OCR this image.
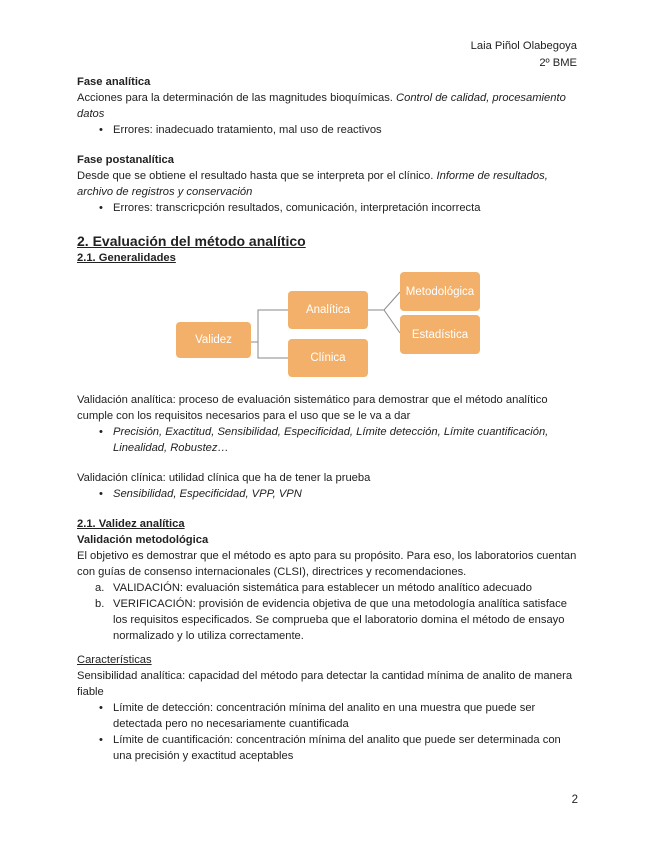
Laia Piñol Olabegoya
2º BME

Fase analítica

Acciones para la determinación de las magnitudes bioquímicas. Control de calidad, procesamiento datos

• Errores: inadecuado tratamiento, mal uso de reactivos

Fase postanalítica

Desde que se obtiene el resultado hasta que se interpreta por el clínico. Informe de resultados, archivo de registros y conservación

• Errores: transcricpción resultados, comunicación, interpretación incorrecta
2. Evaluación del método analítico
2.1. Generalidades
Validez
Analítica
Clínica
Metodológica
Estadística

Validación analítica: proceso de evaluación sistemático para demostrar que el método analítico cumple con los requisitos necesarios para el uso que se le va a dar

• Precisión, Exactitud, Sensibilidad, Especificidad, Límite detección, Límite cuantificación, Linealidad, Robustez…

Validación clínica: utilidad clínica que ha de tener la prueba

• Sensibilidad, Especificidad, VPP, VPN
2.1. Validez analítica

Validación metodológica

El objetivo es demostrar que el método es apto para su propósito. Para eso, los laboratorios cuentan con guías de consenso internacionales (CLSI), directrices y recomendaciones.

a. VALIDACIÓN: evaluación sistemática para establecer un método analítico adecuado
b. VERIFICACIÓN: provisión de evidencia objetiva de que una metodología analítica satisface los requisitos especificados. Se comprueba que el laboratorio domina el método de ensayo normalizado y lo utiliza correctamente.

Características

Sensibilidad analítica: capacidad del método para detectar la cantidad mínima de analito de manera fiable

• Límite de detección: concentración mínima del analito en una muestra que puede ser detectada pero no necesariamente cuantificada
• Límite de cuantificación: concentración mínima del analito que puede ser determinada con una precisión y exactitud aceptables
2
